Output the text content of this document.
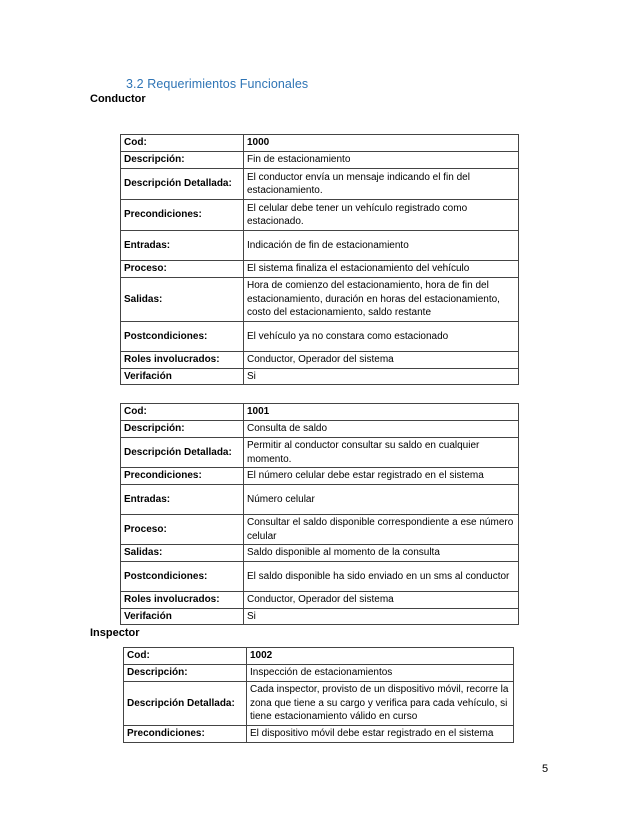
3.2 Requerimientos Funcionales
Conductor
Cod:	1000
Descripción:	Fin de estacionamiento
Descripción Detallada:	El conductor envía un mensaje indicando el fin del estacionamiento.
Precondiciones:	El celular debe tener un vehículo registrado como estacionado.
Entradas:	Indicación de fin de estacionamiento
Proceso:	El sistema finaliza el estacionamiento del vehículo
Salidas:	Hora de comienzo del estacionamiento, hora de fin del estacionamiento, duración en horas del estacionamiento, costo del estacionamiento, saldo restante
Postcondiciones:	El vehículo ya no constara como estacionado
Roles involucrados:	Conductor, Operador del sistema
Verifación	Si
Cod:	1001
Descripción:	Consulta de saldo
Descripción Detallada:	Permitir al conductor consultar su saldo en cualquier momento.
Precondiciones:	El número celular debe estar registrado en el sistema
Entradas:	Número celular
Proceso:	Consultar el saldo disponible correspondiente a ese número celular
Salidas:	Saldo disponible al momento de la consulta
Postcondiciones:	El saldo disponible ha sido enviado en un sms al conductor
Roles involucrados:	Conductor, Operador del sistema
Verifación	Si
Inspector
Cod:	1002
Descripción:	Inspección de estacionamientos
Descripción Detallada:	Cada inspector, provisto de un dispositivo móvil, recorre la zona que tiene a su cargo y verifica para cada vehículo, si tiene estacionamiento válido en curso
Precondiciones:	El dispositivo móvil debe estar registrado en el sistema
5
